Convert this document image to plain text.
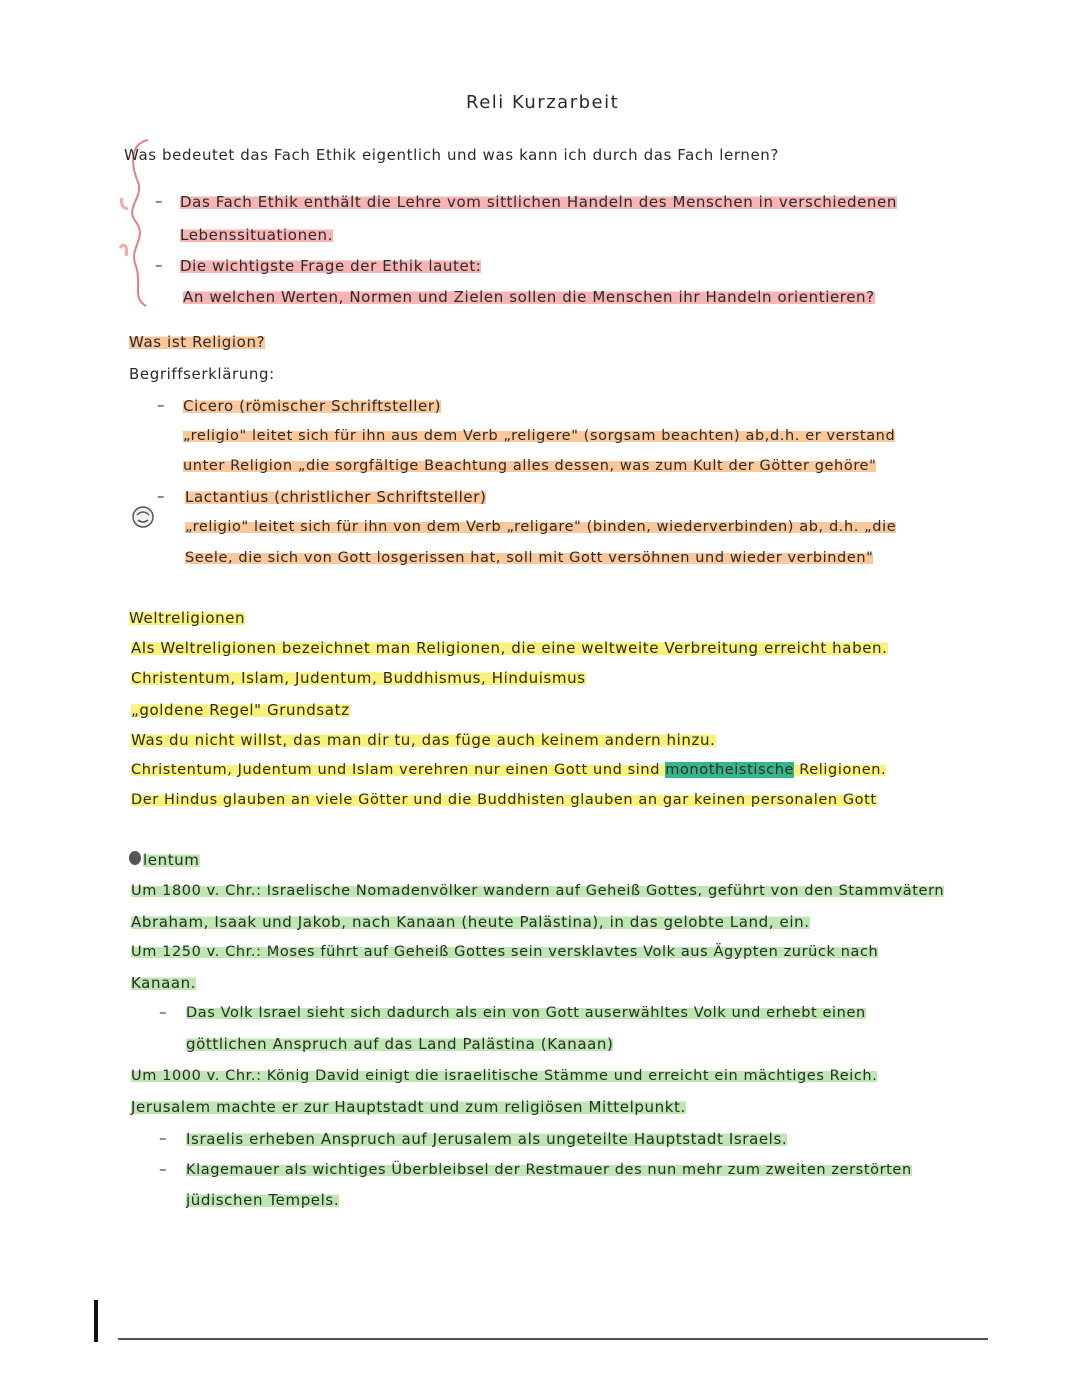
Reli Kurzarbeit
Was bedeutet das Fach Ethik eigentlich und was kann ich durch das Fach lernen?
– Das Fach Ethik enthält die Lehre vom sittlichen Handeln des Menschen in verschiedenen
Lebenssituationen.
– Die wichtigste Frage der Ethik lautet:
An welchen Werten, Normen und Zielen sollen die Menschen ihr Handeln orientieren?
Was ist Religion?
Begriffserklärung:
– Cicero (römischer Schriftsteller)
„religio" leitet sich für ihn aus dem Verb „religere" (sorgsam beachten) ab,d.h. er verstand
unter Religion „die sorgfältige Beachtung alles dessen, was zum Kult der Götter gehöre"
– Lactantius (christlicher Schriftsteller)
„religio" leitet sich für ihn von dem Verb „religare" (binden, wiederverbinden) ab, d.h. „die
Seele, die sich von Gott losgerissen hat, soll mit Gott versöhnen und wieder verbinden"
Weltreligionen
Als Weltreligionen bezeichnet man Religionen, die eine weltweite Verbreitung erreicht haben.
Christentum, Islam, Judentum, Buddhismus, Hinduismus
„goldene Regel" Grundsatz
Was du nicht willst, das man dir tu, das füge auch keinem andern hinzu.
Christentum, Judentum und Islam verehren nur einen Gott und sind monotheistische Religionen.
Der Hindus glauben an viele Götter und die Buddhisten glauben an gar keinen personalen Gott
lentum
Um 1800 v. Chr.: Israelische Nomadenvölker wandern auf Geheiß Gottes, geführt von den Stammvätern
Abraham, Isaak und Jakob, nach Kanaan (heute Palästina), in das gelobte Land, ein.
Um 1250 v. Chr.: Moses führt auf Geheiß Gottes sein versklavtes Volk aus Ägypten zurück nach
Kanaan.
– Das Volk Israel sieht sich dadurch als ein von Gott auserwähltes Volk und erhebt einen
göttlichen Anspruch auf das Land Palästina (Kanaan)
Um 1000 v. Chr.: König David einigt die israelitische Stämme und erreicht ein mächtiges Reich.
Jerusalem machte er zur Hauptstadt und zum religiösen Mittelpunkt.
– Israelis erheben Anspruch auf Jerusalem als ungeteilte Hauptstadt Israels.
– Klagemauer als wichtiges Überbleibsel der Restmauer des nun mehr zum zweiten zerstörten
jüdischen Tempels.
